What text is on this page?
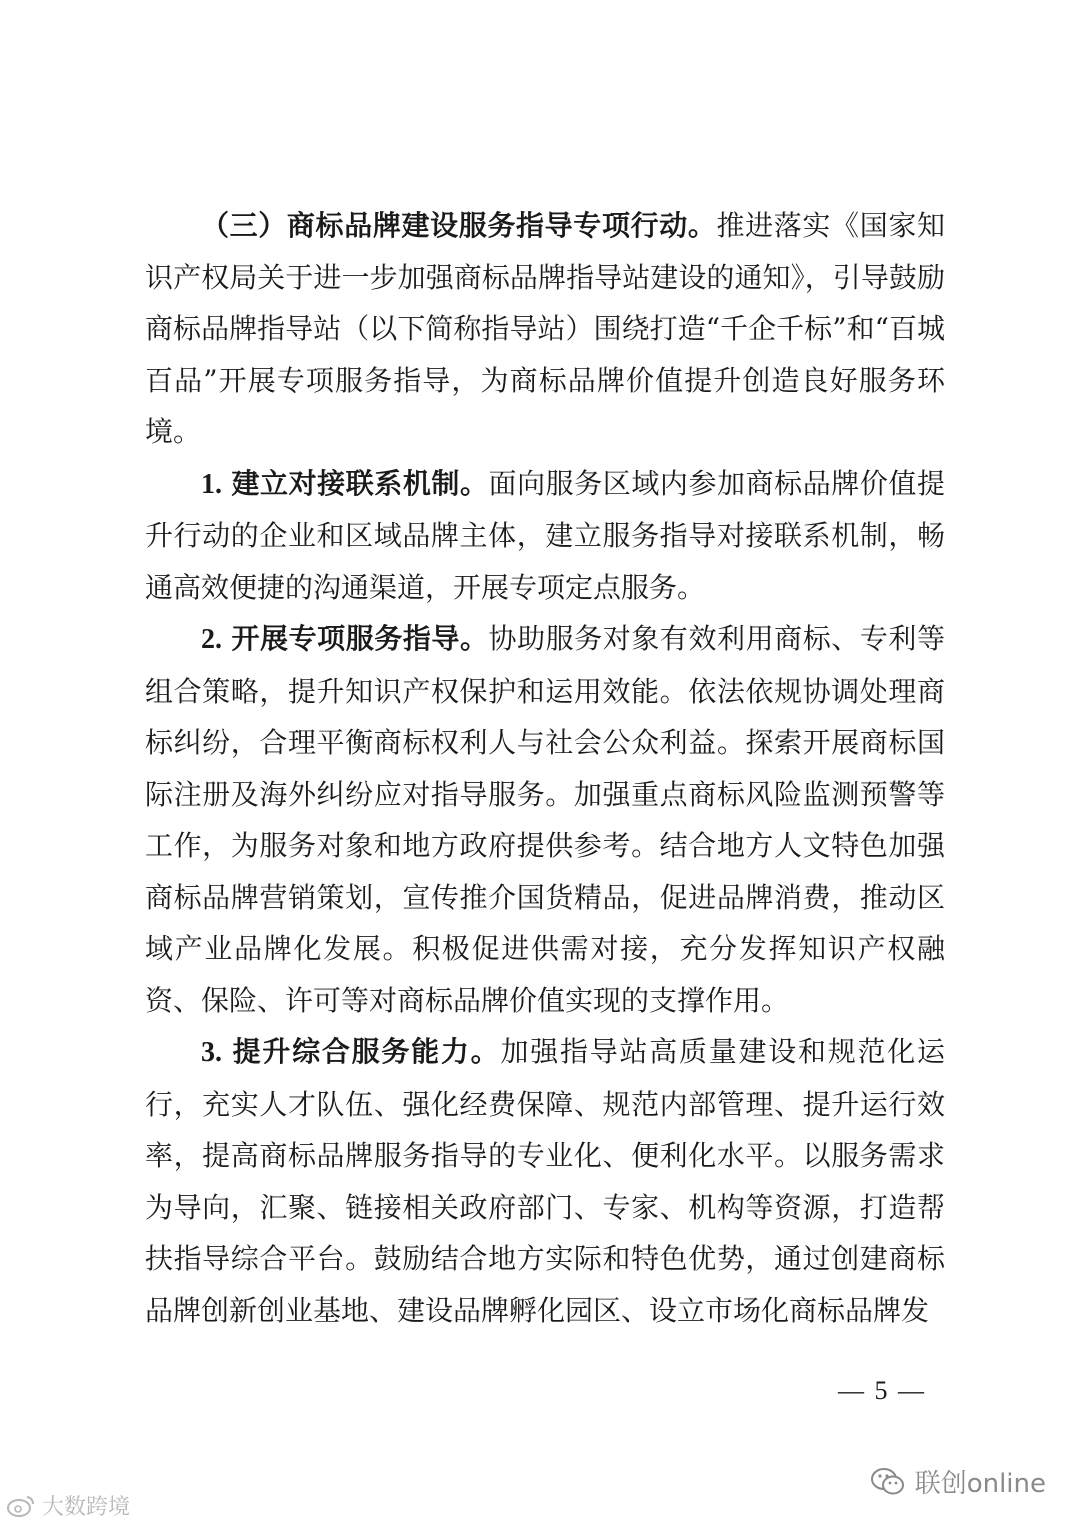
（三）商标品牌建设服务指导专项行动。推进落实《国家知识产权局关于进一步加强商标品牌指导站建设的通知》，引导鼓励商标品牌指导站（以下简称指导站）围绕打造“千企千标”和“百城百品”开展专项服务指导，为商标品牌价值提升创造良好服务环境。

1. 建立对接联系机制。面向服务区域内参加商标品牌价值提升行动的企业和区域品牌主体，建立服务指导对接联系机制，畅通高效便捷的沟通渠道，开展专项定点服务。

2. 开展专项服务指导。协助服务对象有效利用商标、专利等组合策略，提升知识产权保护和运用效能。依法依规协调处理商标纠纷，合理平衡商标权利人与社会公众利益。探索开展商标国际注册及海外纠纷应对指导服务。加强重点商标风险监测预警等工作，为服务对象和地方政府提供参考。结合地方人文特色加强商标品牌营销策划，宣传推介国货精品，促进品牌消费，推动区域产业品牌化发展。积极促进供需对接，充分发挥知识产权融资、保险、许可等对商标品牌价值实现的支撑作用。

3. 提升综合服务能力。加强指导站高质量建设和规范化运行，充实人才队伍、强化经费保障、规范内部管理、提升运行效率，提高商标品牌服务指导的专业化、便利化水平。以服务需求为导向，汇聚、链接相关政府部门、专家、机构等资源，打造帮扶指导综合平台。鼓励结合地方实际和特色优势，通过创建商标品牌创新创业基地、建设品牌孵化园区、设立市场化商标品牌发

— 5 —
联创online
大数跨境
